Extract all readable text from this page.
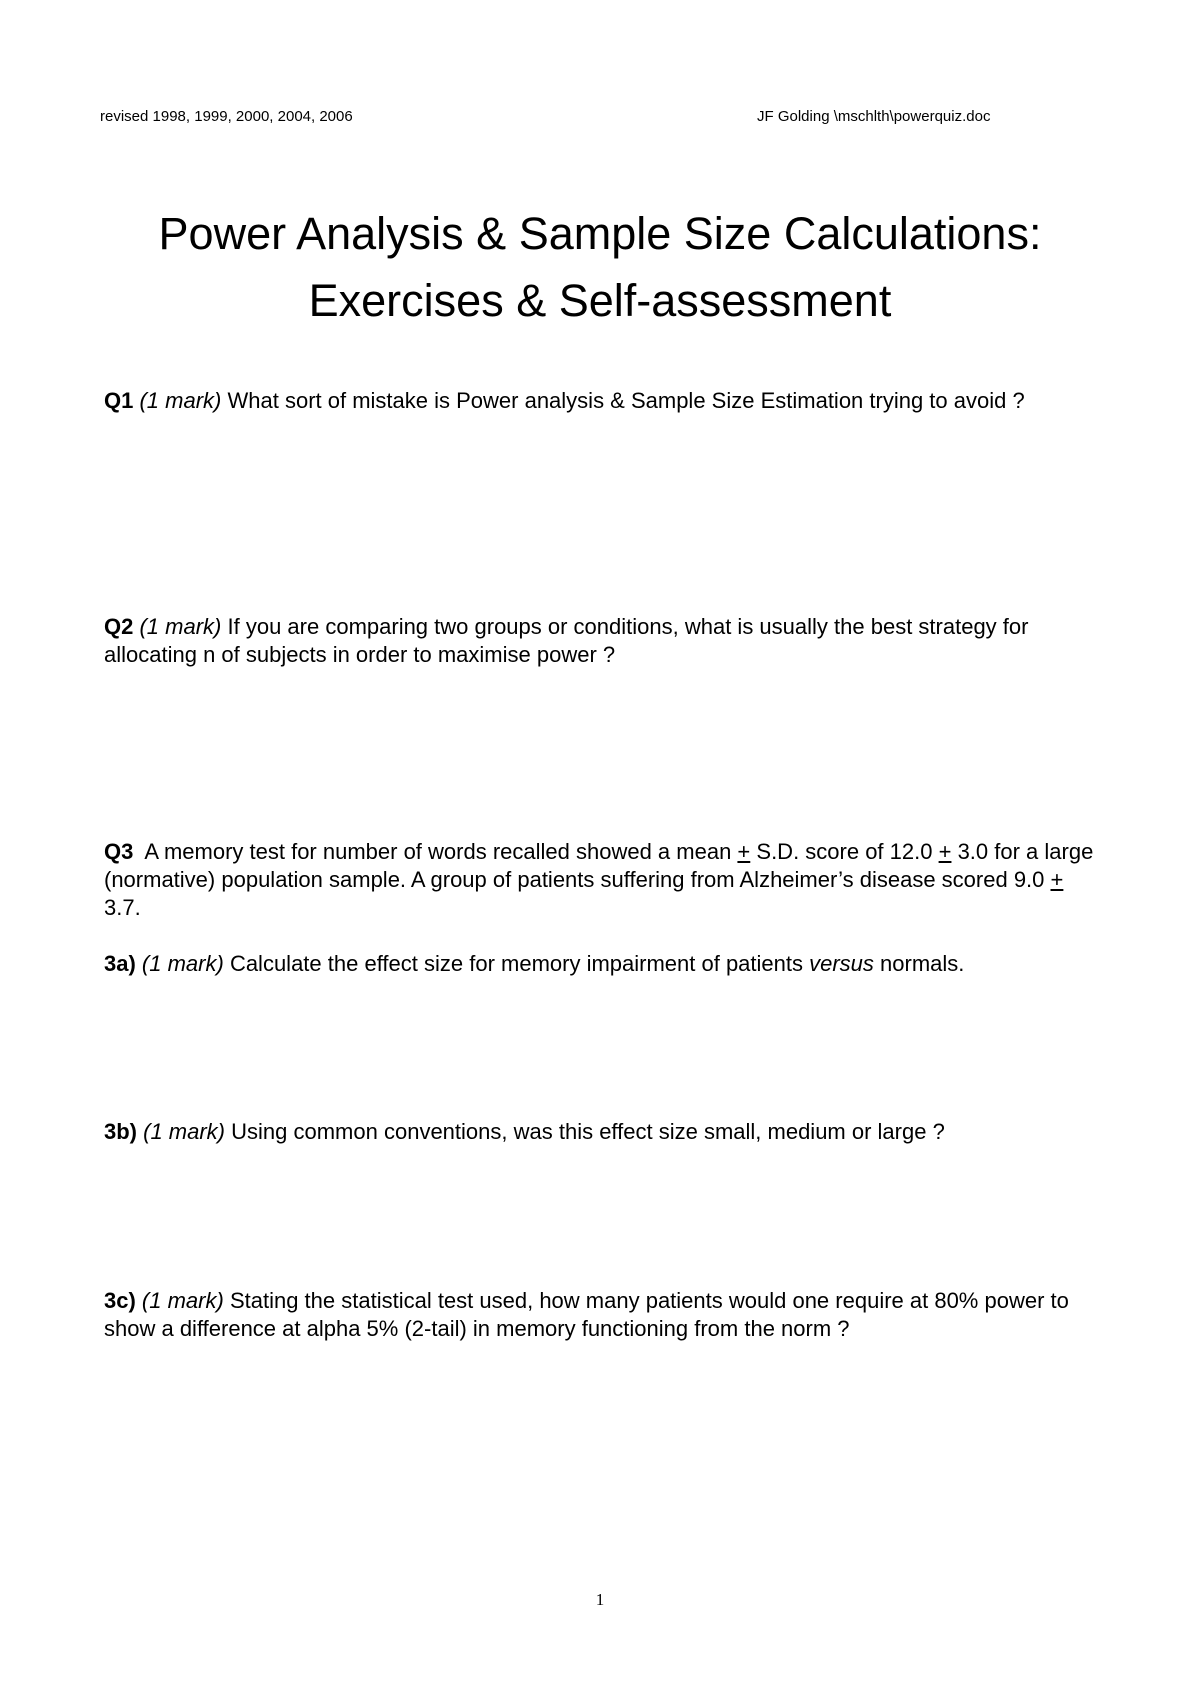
revised 1998, 1999, 2000, 2004, 2006	JF Golding \mschlth\powerquiz.doc
Power Analysis & Sample Size Calculations:
Exercises & Self-assessment
Q1 (1 mark) What sort of mistake is Power analysis & Sample Size Estimation trying to avoid ?
Q2 (1 mark) If you are comparing two groups or conditions, what is usually the best strategy for allocating n of subjects in order to maximise power ?
Q3 A memory test for number of words recalled showed a mean + S.D. score of 12.0 + 3.0 for a large (normative) population sample. A group of patients suffering from Alzheimer’s disease scored 9.0 + 3.7.
3a) (1 mark) Calculate the effect size for memory impairment of patients versus normals.
3b) (1 mark) Using common conventions, was this effect size small, medium or large ?
3c) (1 mark) Stating the statistical test used, how many patients would one require at 80% power to show a difference at alpha 5% (2-tail) in memory functioning from the norm ?
1
